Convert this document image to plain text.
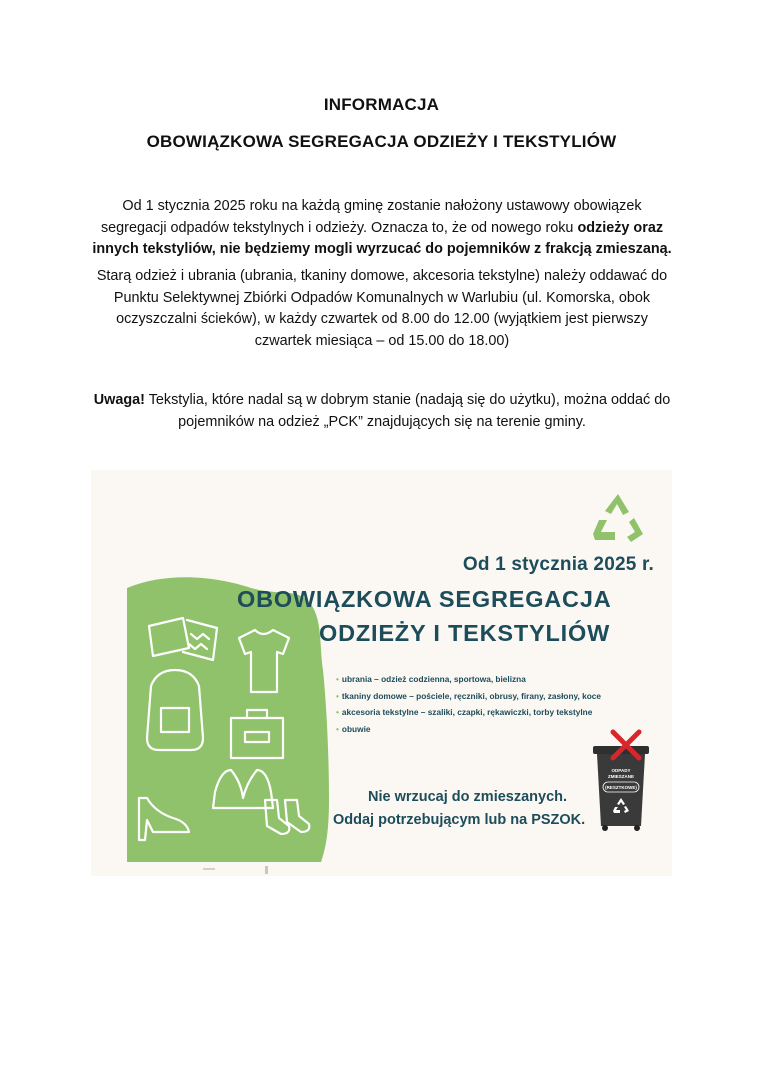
INFORMACJA
OBOWIĄZKOWA SEGREGACJA ODZIEŻY I TEKSTYLIÓW
Od 1 stycznia 2025 roku na każdą gminę zostanie nałożony ustawowy obowiązek segregacji odpadów tekstylnych i odzieży. Oznacza to, że od nowego roku odzieży oraz innych tekstyliów, nie będziemy mogli wyrzucać do pojemników z frakcją zmieszaną.
Starą odzież i ubrania (ubrania, tkaniny domowe, akcesoria tekstylne) należy oddawać do Punktu Selektywnej Zbiórki Odpadów Komunalnych w Warlubiu (ul. Komorska, obok oczyszczalni ścieków), w każdy czwartek od 8.00 do 12.00 (wyjątkiem jest pierwszy czwartek miesiąca – od 15.00 do 18.00)
Uwaga! Tekstylia, które nadal są w dobrym stanie (nadają się do użytku), można oddać do pojemników na odzież „PCK” znajdujących się na terenie gminy.
ODPADY
ZMIESZANE
(RESZTKOWE)
Od 1 stycznia 2025 r.
OBOWIĄZKOWA SEGREGACJA
ODZIEŻY I TEKSTYLIÓW
• ubrania – odzież codzienna, sportowa, bielizna
• tkaniny domowe – pościele, ręczniki, obrusy, firany, zasłony, koce
• akcesoria tekstylne – szaliki, czapki, rękawiczki, torby tekstylne
• obuwie
Nie wrzucaj do zmieszanych.
Oddaj potrzebującym lub na PSZOK.
